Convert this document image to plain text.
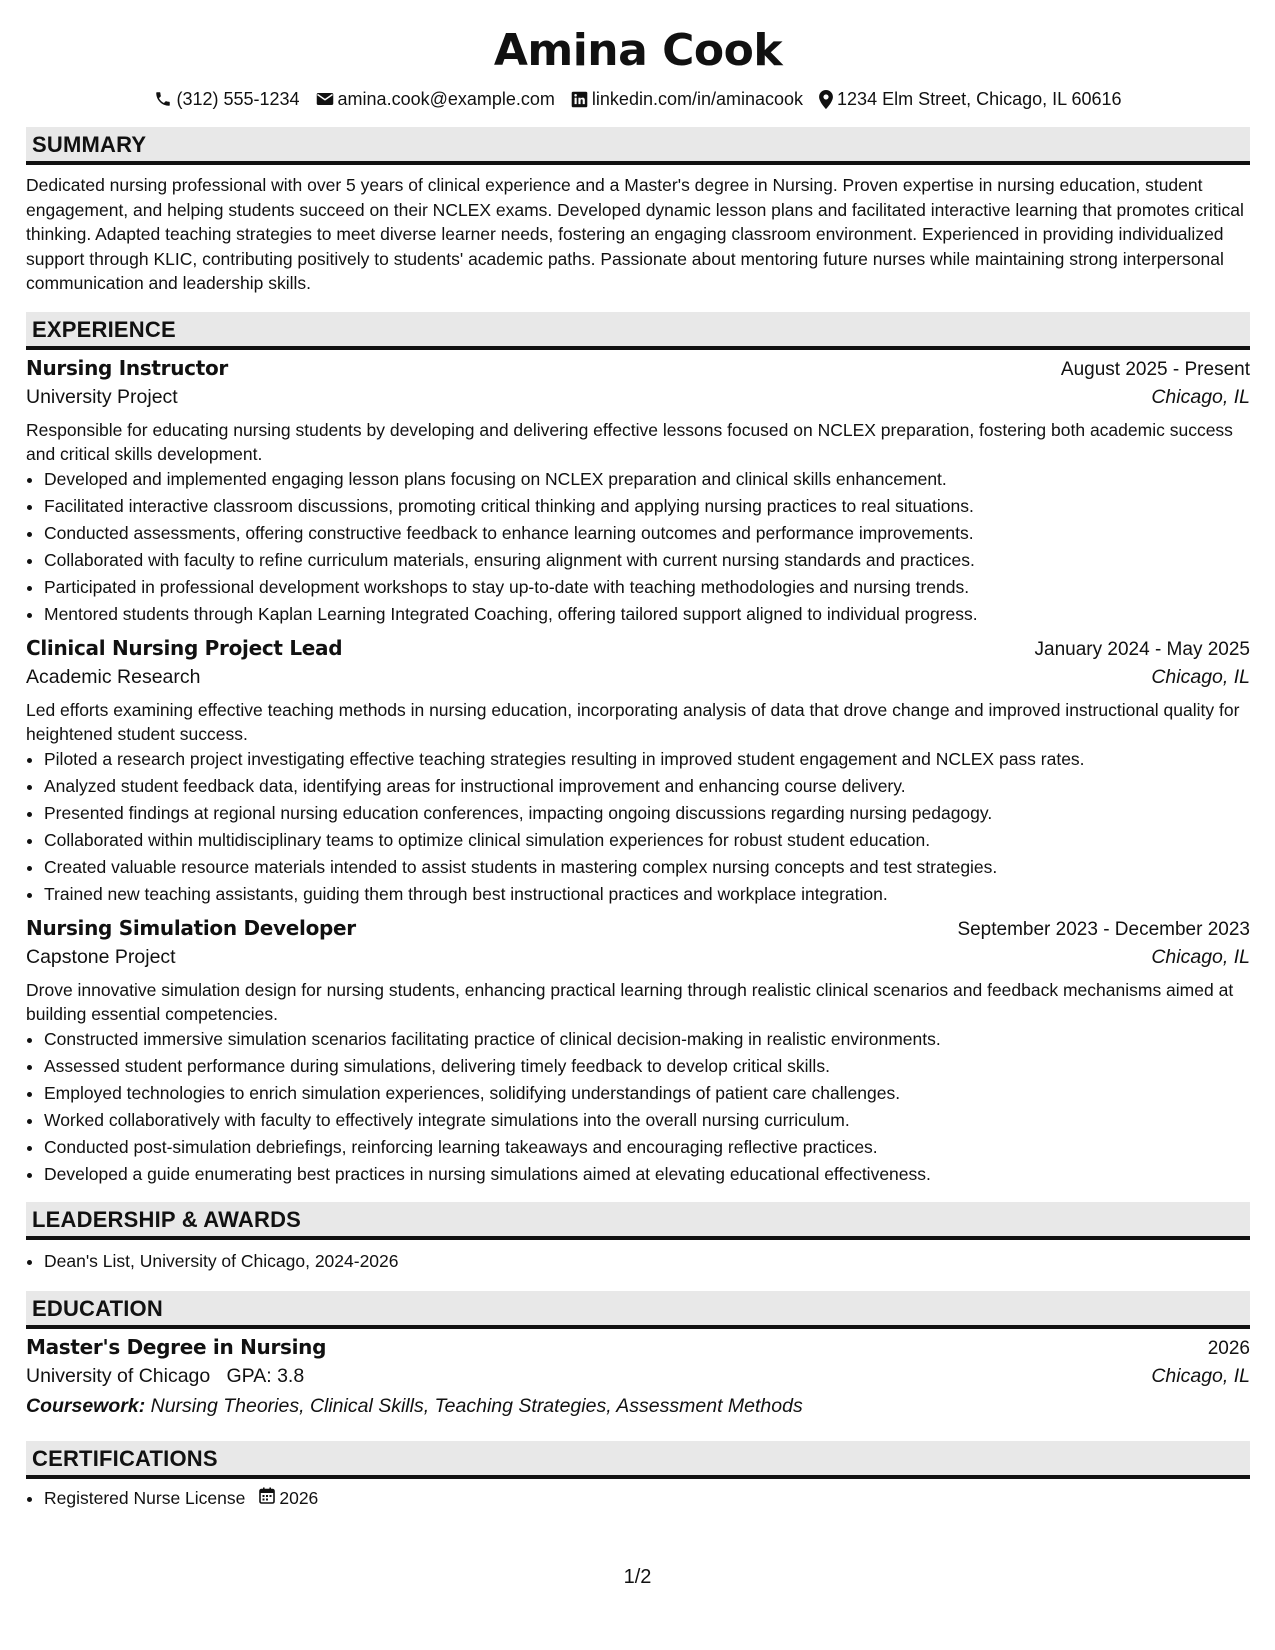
Amina Cook
(312) 555-1234 amina.cook@example.com linkedin.com/in/aminacook 1234 Elm Street, Chicago, IL 60616
SUMMARY
Dedicated nursing professional with over 5 years of clinical experience and a Master's degree in Nursing. Proven expertise in nursing education, student engagement, and helping students succeed on their NCLEX exams. Developed dynamic lesson plans and facilitated interactive learning that promotes critical thinking. Adapted teaching strategies to meet diverse learner needs, fostering an engaging classroom environment. Experienced in providing individualized support through KLIC, contributing positively to students' academic paths. Passionate about mentoring future nurses while maintaining strong interpersonal communication and leadership skills.
EXPERIENCE
Nursing Instructor	August 2025 - Present
University Project	Chicago, IL
Responsible for educating nursing students by developing and delivering effective lessons focused on NCLEX preparation, fostering both academic success and critical skills development.
• Developed and implemented engaging lesson plans focusing on NCLEX preparation and clinical skills enhancement.
• Facilitated interactive classroom discussions, promoting critical thinking and applying nursing practices to real situations.
• Conducted assessments, offering constructive feedback to enhance learning outcomes and performance improvements.
• Collaborated with faculty to refine curriculum materials, ensuring alignment with current nursing standards and practices.
• Participated in professional development workshops to stay up-to-date with teaching methodologies and nursing trends.
• Mentored students through Kaplan Learning Integrated Coaching, offering tailored support aligned to individual progress.
Clinical Nursing Project Lead	January 2024 - May 2025
Academic Research	Chicago, IL
Led efforts examining effective teaching methods in nursing education, incorporating analysis of data that drove change and improved instructional quality for heightened student success.
• Piloted a research project investigating effective teaching strategies resulting in improved student engagement and NCLEX pass rates.
• Analyzed student feedback data, identifying areas for instructional improvement and enhancing course delivery.
• Presented findings at regional nursing education conferences, impacting ongoing discussions regarding nursing pedagogy.
• Collaborated within multidisciplinary teams to optimize clinical simulation experiences for robust student education.
• Created valuable resource materials intended to assist students in mastering complex nursing concepts and test strategies.
• Trained new teaching assistants, guiding them through best instructional practices and workplace integration.
Nursing Simulation Developer	September 2023 - December 2023
Capstone Project	Chicago, IL
Drove innovative simulation design for nursing students, enhancing practical learning through realistic clinical scenarios and feedback mechanisms aimed at building essential competencies.
• Constructed immersive simulation scenarios facilitating practice of clinical decision-making in realistic environments.
• Assessed student performance during simulations, delivering timely feedback to develop critical skills.
• Employed technologies to enrich simulation experiences, solidifying understandings of patient care challenges.
• Worked collaboratively with faculty to effectively integrate simulations into the overall nursing curriculum.
• Conducted post-simulation debriefings, reinforcing learning takeaways and encouraging reflective practices.
• Developed a guide enumerating best practices in nursing simulations aimed at elevating educational effectiveness.
LEADERSHIP & AWARDS
• Dean's List, University of Chicago, 2024-2026
EDUCATION
Master's Degree in Nursing	2026
University of Chicago GPA: 3.8	Chicago, IL
Coursework: Nursing Theories, Clinical Skills, Teaching Strategies, Assessment Methods
CERTIFICATIONS
• Registered Nurse License 2026
1/2
